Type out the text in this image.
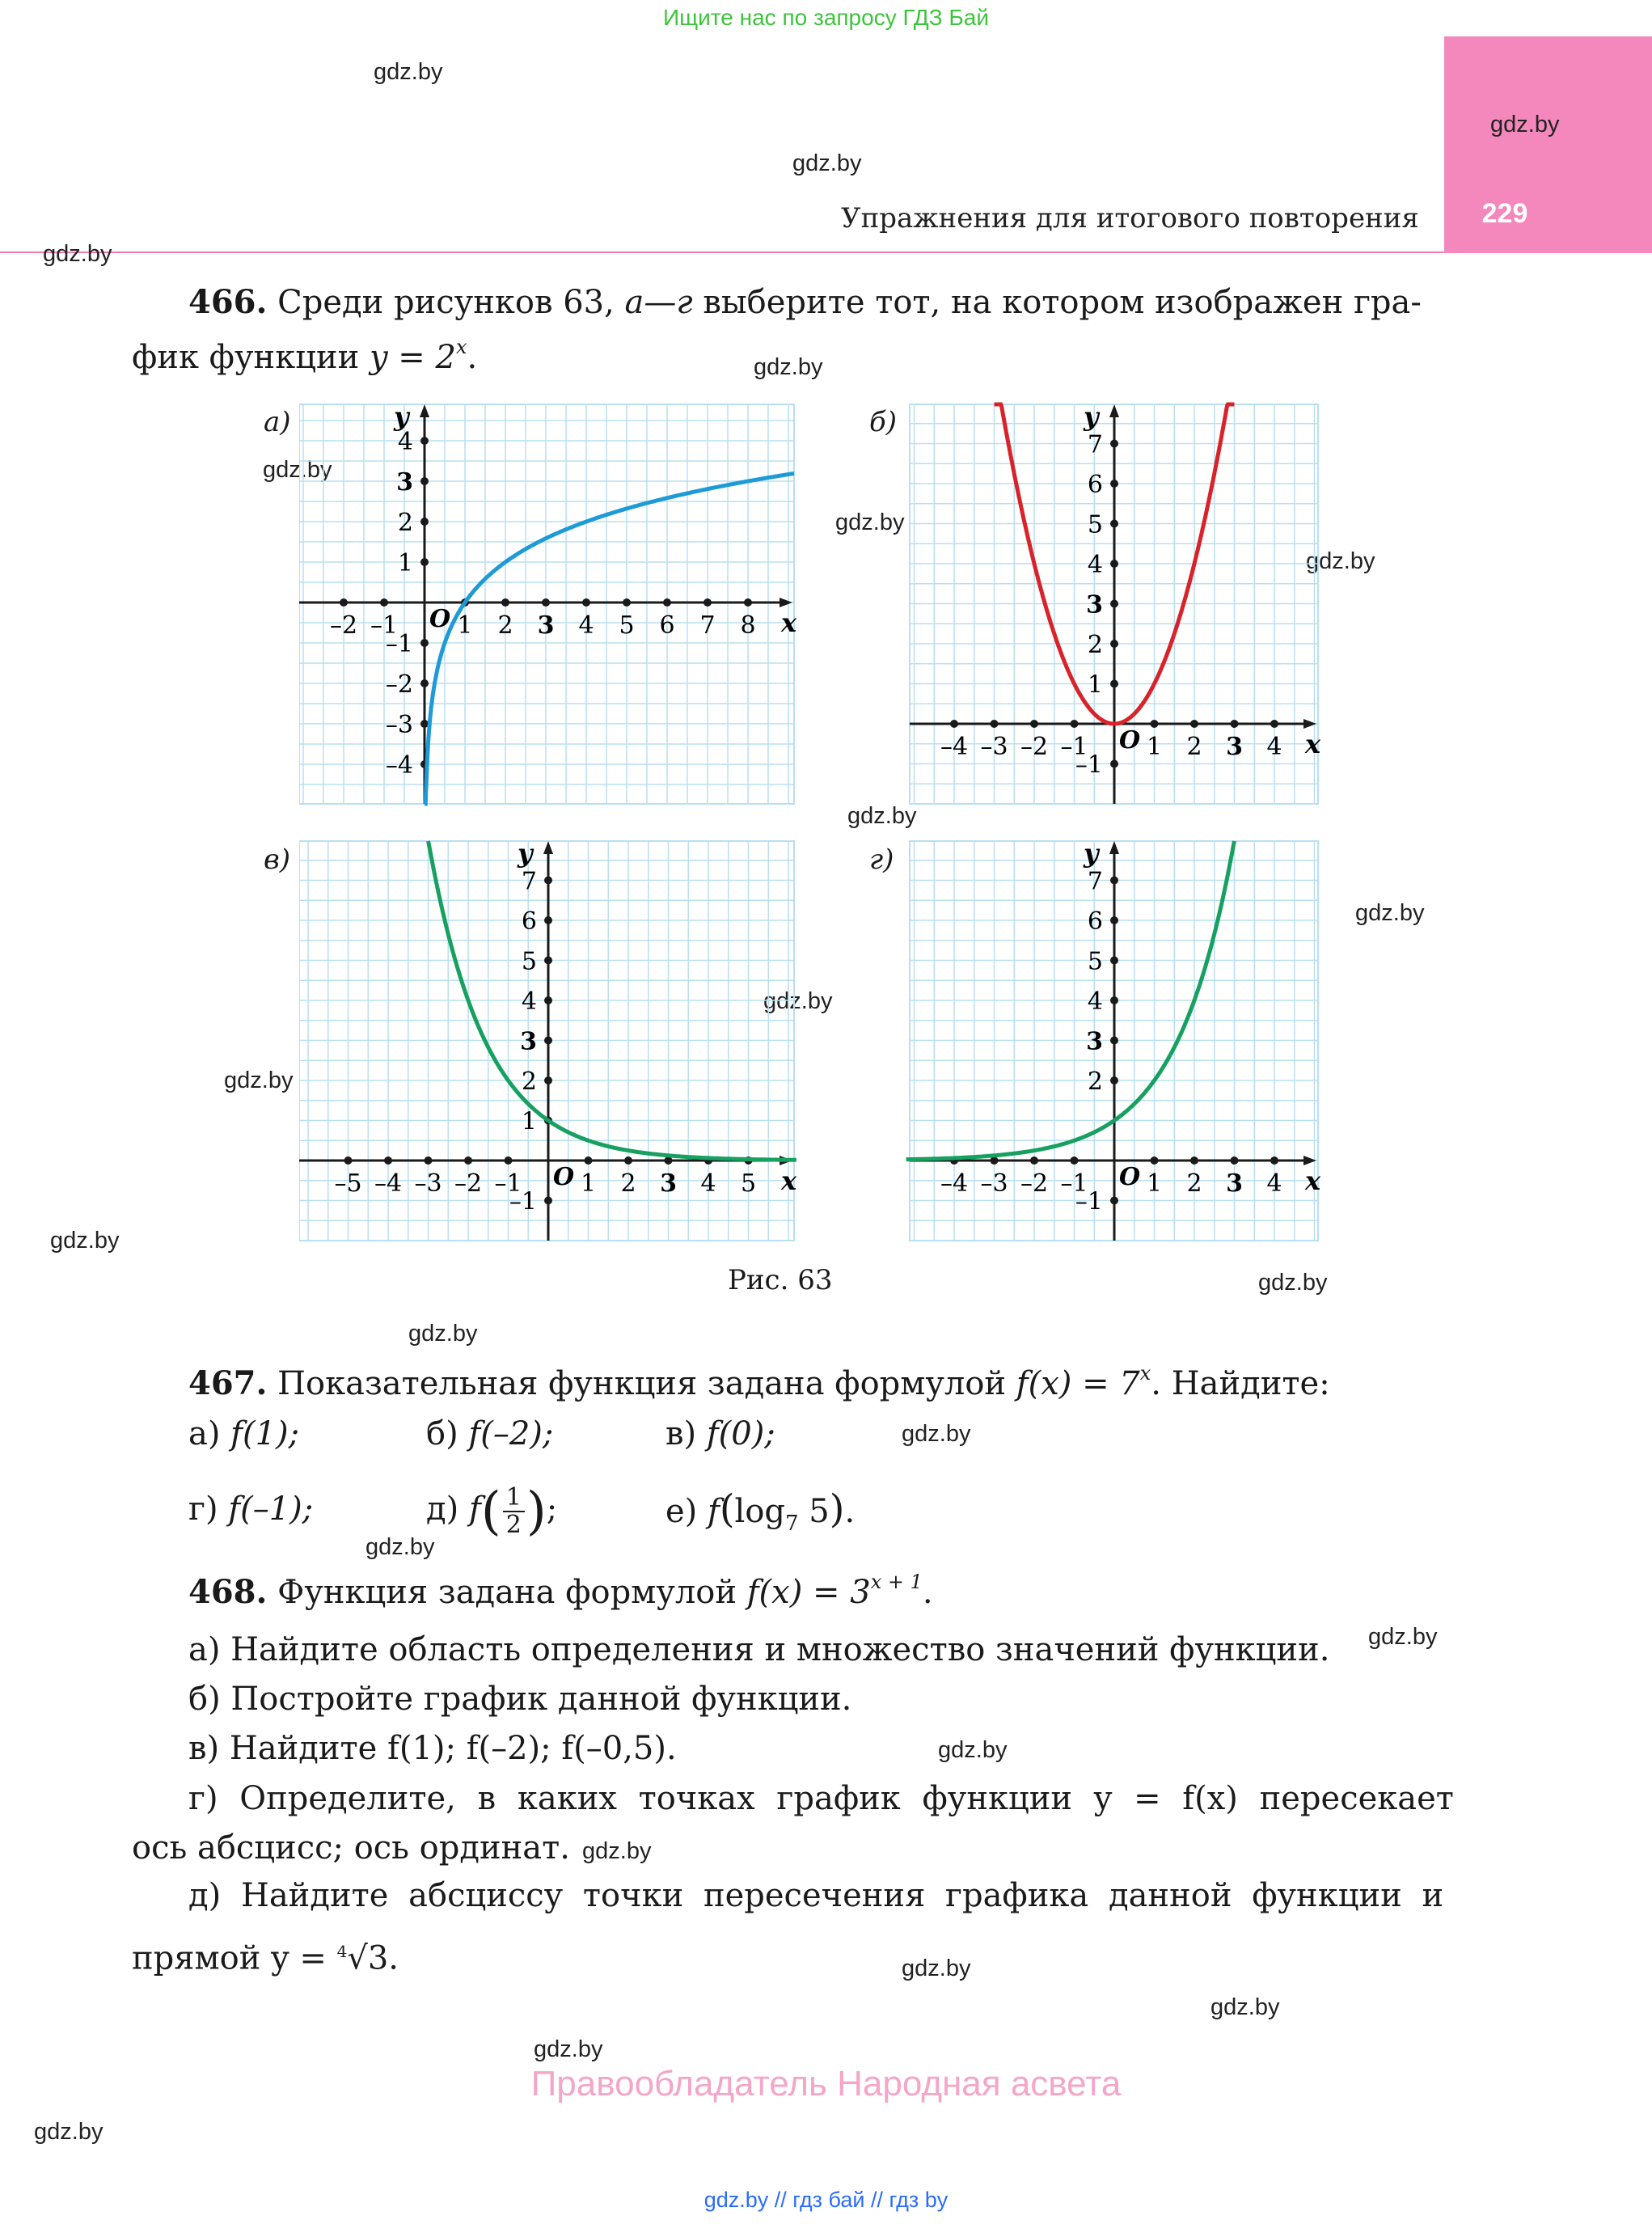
Ищите нас по запросу ГДЗ Бай
229
Упражнения для итогового повторения
gdz.by
gdz.by
gdz.by
gdz.by
gdz.by
gdz.by
gdz.by
gdz.by
gdz.by
gdz.by
gdz.by
gdz.by
gdz.by
gdz.by
gdz.by
gdz.by
gdz.by
gdz.by
gdz.by
gdz.by
gdz.by
gdz.by
gdz.by
gdz.by
466. Среди рисунков 63, а—г выберите тот, на котором изображен гра-
фик функции $y = 2^x$.
а)	б)
в)	г)
x
y
O
–2 –1 1 2 3 4 5 6 7 8
4
3
2
1
–1
–2
–3
–4
x
y
O
–4 –3 –2 –1 1 2 3 4
7
6
5
4
3
2
1
–1
x
y
O
–5 –4 –3 –2 –1 1 2 3 4 5
7
6
5
4
3
2
1
–1
x
y
O
–4 –3 –2 –1 1 2 3 4
7
6
5
4
3
2
–1
Рис. 63
467. Показательная функция задана формулой $f(x) = 7^x$. Найдите:
а) f(1);	б) f(–2);	в) f(0);
г) f(–1);	д) $f( \frac{1}{2}$ );	е) $f(\log_7$ 5).
468. Функция задана формулой $f(x) = 3^{x + 1}$.
а) Найдите область определения и множество значений функции.
б) Постройте график данной функции.
в) Найдите f(1); f(–2); f(–0,5).
г) Определите, в каких точках график функции y = f(x) пересекает
ось абсцисс; ось ординат.
д) Найдите абсциссу точки пересечения графика данной функции и
прямой y = $^4$√3.
Правообладатель Народная асвета
gdz.by // гдз бай // гдз by
